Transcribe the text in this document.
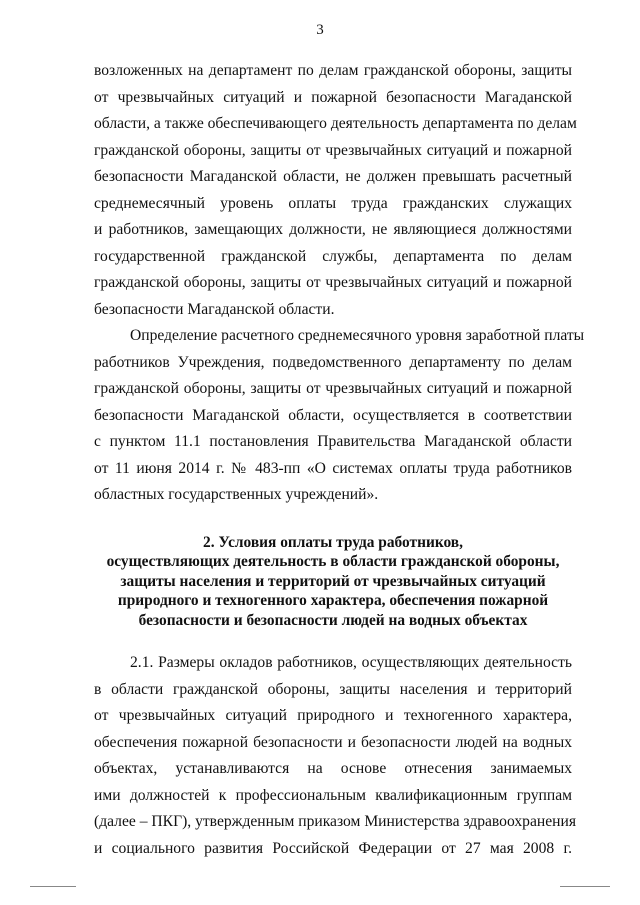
3
возложенных на департамент по делам гражданской обороны, защиты
от чрезвычайных ситуаций и пожарной безопасности Магаданской
области, а также обеспечивающего деятельность департамента по делам
гражданской обороны, защиты от чрезвычайных ситуаций и пожарной
безопасности Магаданской области, не должен превышать расчетный
среднемесячный уровень оплаты труда гражданских служащих
и работников, замещающих должности, не являющиеся должностями
государственной гражданской службы, департамента по делам
гражданской обороны, защиты от чрезвычайных ситуаций и пожарной
безопасности Магаданской области.
Определение расчетного среднемесячного уровня заработной платы
работников Учреждения, подведомственного департаменту по делам
гражданской обороны, защиты от чрезвычайных ситуаций и пожарной
безопасности Магаданской области, осуществляется в соответствии
с пунктом 11.1 постановления Правительства Магаданской области
от 11 июня 2014 г. № 483-пп «О системах оплаты труда работников
областных государственных учреждений».
2. Условия оплаты труда работников,
осуществляющих деятельность в области гражданской обороны,
защиты населения и территорий от чрезвычайных ситуаций
природного и техногенного характера, обеспечения пожарной
безопасности и безопасности людей на водных объектах
2.1. Размеры окладов работников, осуществляющих деятельность
в области гражданской обороны, защиты населения и территорий
от чрезвычайных ситуаций природного и техногенного характера,
обеспечения пожарной безопасности и безопасности людей на водных
объектах, устанавливаются на основе отнесения занимаемых
ими должностей к профессиональным квалификационным группам
(далее – ПКГ), утвержденным приказом Министерства здравоохранения
и социального развития Российской Федерации от 27 мая 2008 г.
